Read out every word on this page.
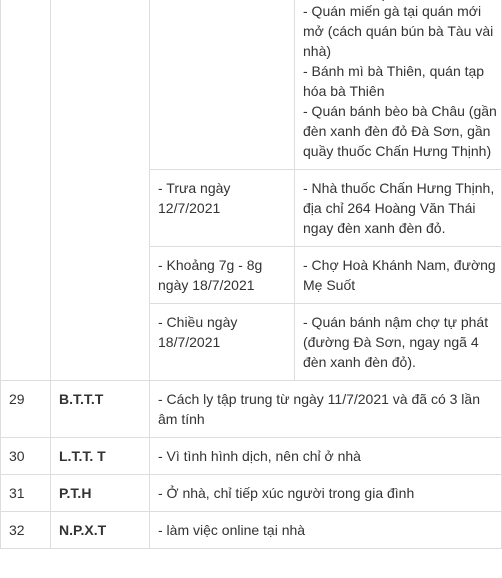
			- Quán miến gà tại quán mới mở (cách quán bún bà Tàu vài nhà)
- Bánh mì bà Thiên, quán tạp hóa bà Thiên
- Quán bánh bèo bà Châu (gần đèn xanh đèn đỏ Đà Sơn, gần quầy thuốc Chấn Hưng Thịnh)

		- Trưa ngày 12/7/2021	- Nhà thuốc Chấn Hưng Thịnh, địa chỉ 264 Hoàng Văn Thái ngay đèn xanh đèn đỏ.
		- Khoảng 7g - 8g ngày 18/7/2021	- Chợ Hoà Khánh Nam, đường Mẹ Suốt
		- Chiều ngày 18/7/2021	- Quán bánh nậm chợ tự phát (đường Đà Sơn, ngay ngã 4 đèn xanh đèn đỏ).
29	B.T.T.T	- Cách ly tập trung từ ngày 11/7/2021 và đã có 3 lần âm tính	
30	L.T.T. T	- Vì tình hình dịch, nên chỉ ở nhà	
31	P.T.H	- Ở nhà, chỉ tiếp xúc người trong gia đình	
32	N.P.X.T	- làm việc online tại nhà	
